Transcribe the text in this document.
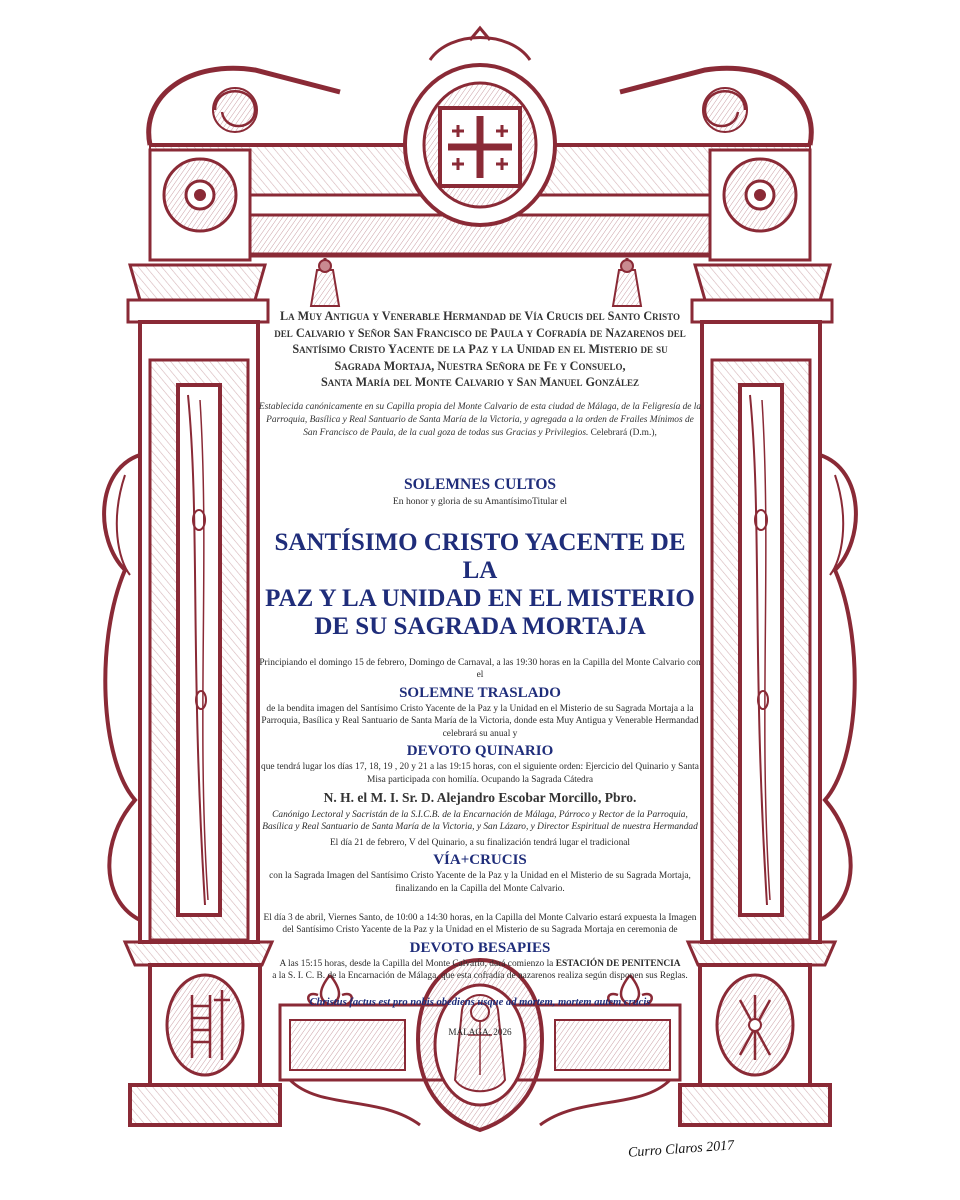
La Muy Antigua y Venerable Hermandad de Vía Crucis del Santo Cristo

del Calvario y Señor San Francisco de Paula y Cofradía de Nazarenos del

Santísimo Cristo Yacente de la Paz y la Unidad en el Misterio de su

Sagrada Mortaja, Nuestra Señora de Fe y Consuelo,

Santa María del Monte Calvario y San Manuel González

Establecida canónicamente en su Capilla propia del Monte Calvario de esta ciudad de Málaga, de la Feligresía de la Parroquia, Basílica y Real Santuario de Santa María de la Victoria, y agregada a la orden de Frailes Mínimos de San Francisco de Paula, de la cual goza de todas sus Gracias y Privilegios. Celebrará (D.m.),

SOLEMNES CULTOS

En honor y gloria de su AmantísimoTitular el

SANTÍSIMO CRISTO YACENTE DE LA
PAZ Y LA UNIDAD EN EL MISTERIO
DE SU SAGRADA MORTAJA

Principiando el domingo 15 de febrero, Domingo de Carnaval, a las 19:30 horas en la Capilla del Monte Calvario con el

SOLEMNE TRASLADO

de la bendita imagen del Santísimo Cristo Yacente de la Paz y la Unidad en el Misterio de su Sagrada Mortaja a la Parroquia, Basílica y Real Santuario de Santa María de la Victoria, donde esta Muy Antigua y Venerable Hermandad celebrará su anual y

DEVOTO QUINARIO

que tendrá lugar los días 17, 18, 19 , 20 y 21 a las 19:15 horas, con el siguiente orden: Ejercicio del Quinario y Santa Misa participada con homilía. Ocupando la Sagrada Cátedra

N. H. el M. I. Sr. D. Alejandro Escobar Morcillo, Pbro.

Canónigo Lectoral y Sacristán de la S.I.C.B. de la Encarnación de Málaga, Párroco y Rector de la Parroquia, Basílica y Real Santuario de Santa María de la Victoria, y San Lázaro, y Director Espiritual de nuestra Hermandad

El día 21 de febrero, V del Quinario, a su finalización tendrá lugar el tradicional

VÍA+CRUCIS

con la Sagrada Imagen del Santísimo Cristo Yacente de la Paz y la Unidad en el Misterio de su Sagrada Mortaja, finalizando en la Capilla del Monte Calvario.

El día 3 de abril, Viernes Santo, de 10:00 a 14:30 horas, en la Capilla del Monte Calvario estará expuesta la Imagen del Santísimo Cristo Yacente de la Paz y la Unidad en el Misterio de su Sagrada Mortaja en ceremonia de

DEVOTO BESAPIES

A las 15:15 horas, desde la Capilla del Monte Calvario, dará comienzo la ESTACIÓN DE PENITENCIA
a la S. I. C. B. de la Encarnación de Málaga, que esta cofradía de nazarenos realiza según disponen sus Reglas.

Christus factus est pro nobis obediens usque ad mortem, mortem autem crucis

MÁLAGA, 2026

Curro Claros 2017
